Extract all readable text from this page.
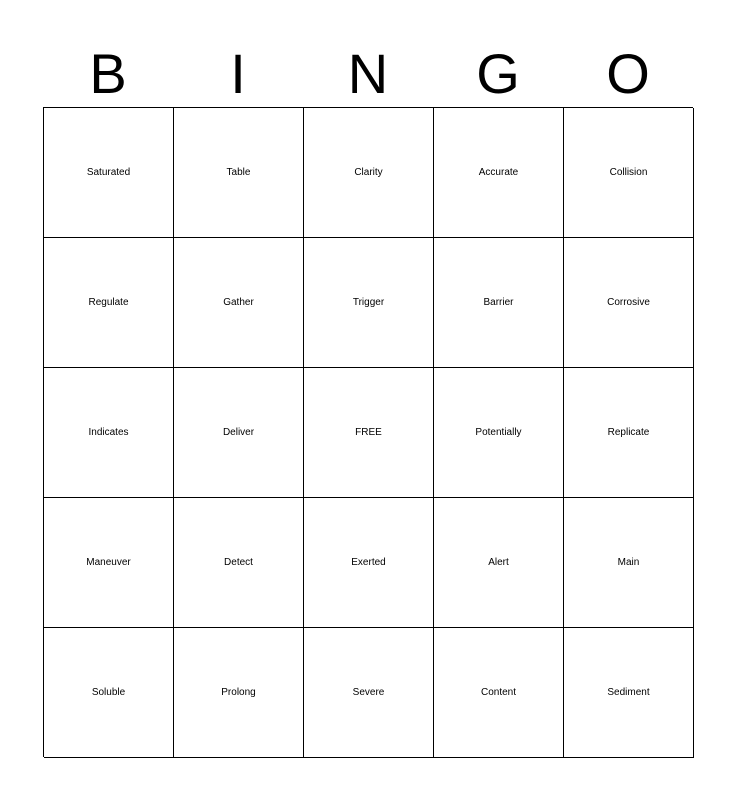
B	I	N	G	O
Saturated	Table	Clarity	Accurate	Collision
Regulate	Gather	Trigger	Barrier	Corrosive
Indicates	Deliver	FREE	Potentially	Replicate
Maneuver	Detect	Exerted	Alert	Main
Soluble	Prolong	Severe	Content	Sediment
